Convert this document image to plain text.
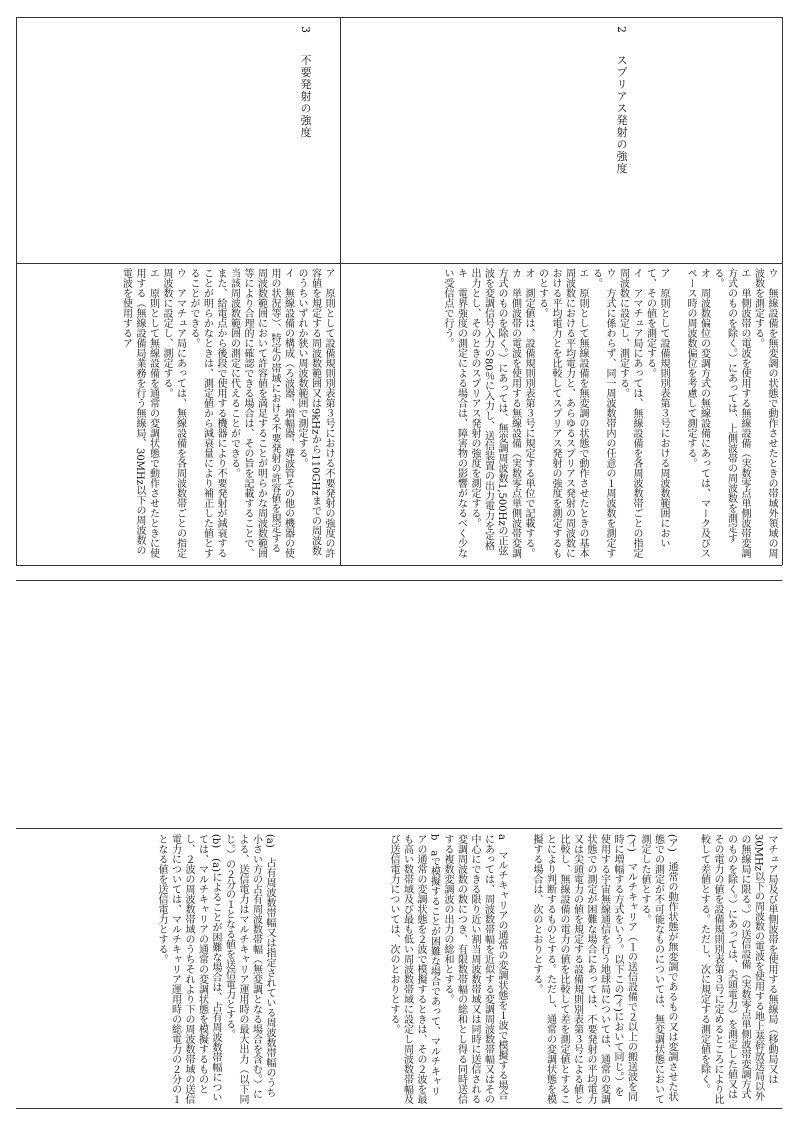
2 スプリアス発射の強度
3 不要発射の強度
ウ　無線設備を無変調の状態で動作させたときの帯域外領域の周波数を測定する。
エ　単側波帯の電波を使用する無線設備（実数零点単側波帯変調方式のものを除く。）にあっては、上側波帯の周波数を測定する。
オ　周波数偏位の変調方式の無線設備にあっては、マーク及びスペース時の周波数偏位を考慮して測定する。
ア　原則として設備規則別表第３号における周波数範囲において、その値を測定する。
イ　アマチュア局にあっては、無線設備を各周波数帯ごとの指定周波数に設定し、測定する。
ウ　方式に係わらず、同一周波数帯内の任意の１周波数を測定する。
エ　原則として無線設備を無変調の状態で動作させたときの基本周波数における平均電力と、あらゆるスプリアス発射の周波数における平均電力とを比較してスプリアス発射の強度を測定するものとする。
オ　測定値は、設備規則別表第３号に規定する単位で記載する。
カ　単側波帯の電波を使用する無線設備（実数零点単側波帯変調方式のものを除く。）にあっては、無変調周波数1,500Hzの正弦波を変調信号入力の80％に入力し、送信装置の出力電力を定格出力とし、そのときのスプリアス発射の強度を測定する。
キ　電界強度の測定による場合は、障害物の影響がなるべく少ない受信点で行う。
ア　原則として設備規則別表第３号における不要発射の強度の許容値を規定する周波数範囲又は9kHzから110GHzまでの周波数のうちいずれか狭い周波数範囲で測定する。
イ　無線設備の構成（ろ波器、増幅器、導波管その他の機器の使用の状況等）、特定の帯域における不要発射の許容値を規定する周波数範囲において許容値を満足することが明らかな周波数範囲等により合理的に確認できる場合は、その旨を記載することで、当該周波数範囲の測定に代えることができる。
また、給電点から後段で使用する機器により不要発射が減衰することが明らかなときは、測定値から減衰量により補正した値とすることができる。
ウ　アマチュア局にあっては、無線設備を各周波数帯ごとの指定周波数に設定し、測定する。
エ　原則として無線設備を通常の変調状態で動作させたときに使用する（無線設備局業務を行う無線局、30MHz以下の周波数の電波を使用するア
マチュア局及び単側波帯を使用する無線局（移動局又は30MHz以下の周波数の電波を使用する地上基幹放送局以外の無線局に限る。）の送信設備（実数零点単側波帯変調方式のものを除く。）にあっては、尖頭電力）を測定した値又はその電力の値を設備規則別表第３号に定めるところにより比較して差値とする。ただし、次に規定する測定値を除く。
(ア)　通常の動作状態が無変調であるもの又は変調させた状態での測定が不可能なものについては、無変調状態において測定した値とする。
(イ)　マルチキャリア（１の送信設備で２以上の搬送波を同時に増幅する方式をいう。以下この(イ)において同じ。）を使用する宇宙無線通信を行う地球局については、通常の変調状態での測定が困難な場合にあっては、不要発射の平均電力又は尖頭電力の値を規定する設備規則別表第３号による値と比較し、無線設備の電力の値を比較して差を測定値とすることにより判断するものとする。ただし、通常の変調状態を模擬する場合は、次のとおりとする。
a　マルチキャリアの通常の変調状態を１波で模擬する場合にあっては、周波数帯幅を近似する変調周波数帯幅又はその中心にできる限り近い割当周波数帯域又は同時に送信される変調周波数の数につき、有限数帯幅の総和とし得る同時送信する複数変調波の出力の総和とする。
b　aで模擬することが困難な場合であって、マルチキャリアの通常の変調状態を２波で模擬するときは、その２波を最も高い数帯域及び最も低い周波数帯域に設定し周波数帯幅及び送信電力については、次のとおりとする。
(a)　占有周波数帯幅又は指定されている周波数帯幅のうち小さい方の占有周波数帯幅（無変調となる場合を含む。）による、送信電力はマルチキャリア運用時の最大出力（以下同じ。）の２分の１となる値を送信電力とする。
(b)　(a)によることが困難な場合は、占有周波数帯幅については、マルチキャリアの通常の変調状態を模擬するものとし、２波の周波数帯域のうちそれより下の周波数帯域の送信電力については、マルチキャリア運用時の総電力の２分の１となる値を送信電力とする。
